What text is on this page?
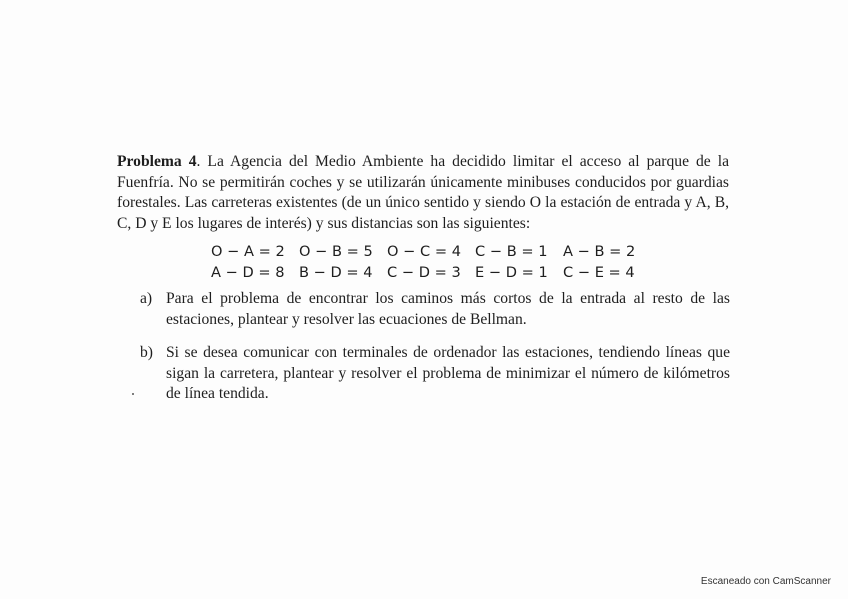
Problema 4. La Agencia del Medio Ambiente ha decidido limitar el acceso al parque de la Fuenfría. No se permitirán coches y se utilizarán únicamente minibuses conducidos por guardias forestales. Las carreteras existentes (de un único sentido y siendo O la estación de entrada y A, B, C, D y E los lugares de interés) y sus distancias son las siguientes:

O − A = 2 O − B = 5 O − C = 4 C − B = 1 A − B = 2
A − D = 8 B − D = 4 C − D = 3 E − D = 1 C − E = 4
a) Para el problema de encontrar los caminos más cortos de la entrada al resto de las estaciones, plantear y resolver las ecuaciones de Bellman.
b) Si se desea comunicar con terminales de ordenador las estaciones, tendiendo líneas que sigan la carretera, plantear y resolver el problema de minimizar el número de kilómetros de línea tendida.
Escaneado con CamScanner
